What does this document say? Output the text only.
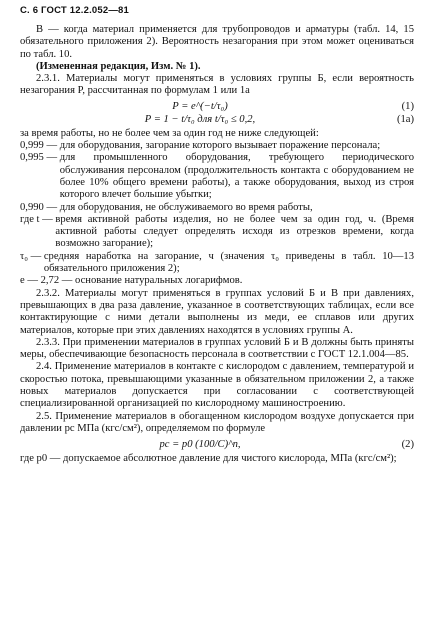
С. 6 ГОСТ 12.2.052—81

В — когда материал применяется для трубопроводов и арматуры (табл. 14, 15 обязательного приложения 2). Вероятность незагорания при этом может оцениваться по табл. 10.

(Измененная редакция, Изм. № 1).

2.3.1. Материалы могут применяться в условиях группы Б, если вероятность незагорания P, рассчитанная по формулам 1 или 1а

P = e^(−t/τ₀)	(1)
P = 1 − t/τ₀ для t/τ₀ ≤ 0,2,	(1а)

за время работы, но не более чем за один год не ниже следующей:

0,999 — для оборудования, загорание которого вызывает поражение персонала;
0,995 — для промышленного оборудования, требующего периодического обслуживания персоналом (продолжительность контакта с оборудованием не более 10% общего времени работы), а также оборудования, выход из строя которого влечет большие убытки;
0,990 — для оборудования, не обслуживаемого во время работы,
где t — время активной работы изделия, но не более чем за один год, ч. (Время активной работы следует определять исходя из отрезков времени, когда возможно загорание);
τ₀ — средняя наработка на загорание, ч (значения τ₀ приведены в табл. 10—13 обязательного приложения 2);
e — 2,72 — основание натуральных логарифмов.

2.3.2. Материалы могут применяться в группах условий Б и В при давлениях, превышающих в два раза давление, указанное в соответствующих таблицах, если все контактирующие с ними детали выполнены из меди, ее сплавов или других материалов, которые при этих давлениях находятся в условиях группы А.

2.3.3. При применении материалов в группах условий Б и В должны быть приняты меры, обеспечивающие безопасность персонала в соответствии с ГОСТ 12.1.004—85.

2.4. Применение материалов в контакте с кислородом с давлением, температурой и скоростью потока, превышающими указанные в обязательном приложении 2, а также новых материалов допускается при согласовании с соответствующей специализированной организацией по кислородному машиностроению.

2.5. Применение материалов в обогащенном кислородом воздухе допускается при давлении pc МПа (кгс/см²), определяемом по формуле

pc = p0 (100/C)^n,	(2)
где p0 — допускаемое абсолютное давление для чистого кислорода, МПа (кгс/см²);
